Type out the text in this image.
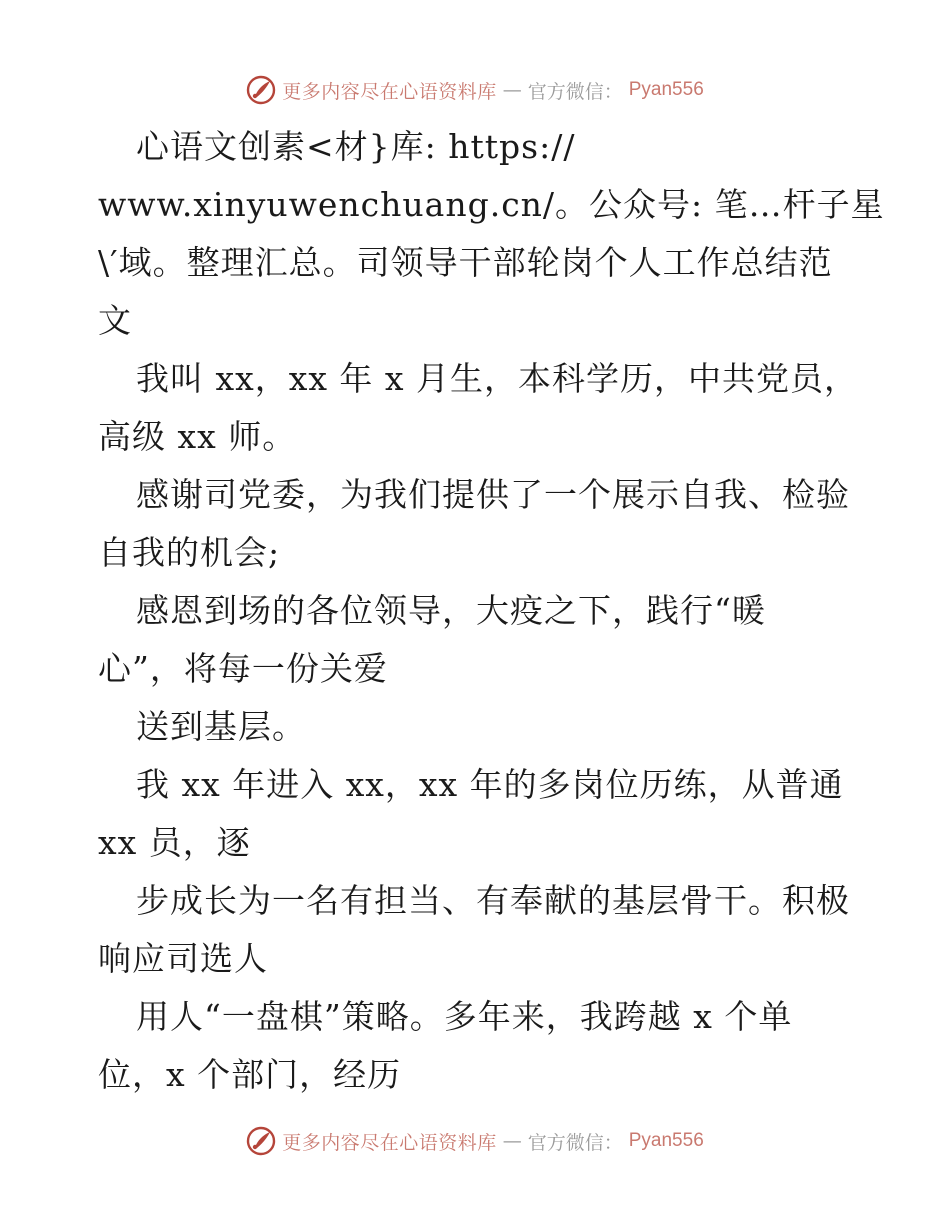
更多内容尽在心语资料库 — 官方微信： Pyan556
心语文创素<材}库: https://
www.xinyuwenchuang.cn/。公众号: 笔…杆子星
\′域。整理汇总。司领导干部轮岗个人工作总结范
文
我叫 xx，xx 年 x 月生，本科学历，中共党员，
高级 xx 师。
感谢司党委，为我们提供了一个展示自我、检验
自我的机会;
感恩到场的各位领导，大疫之下，践行“暖
心”，将每一份关爱
送到基层。
我 xx 年进入 xx，xx 年的多岗位历练，从普通
xx 员，逐
步成长为一名有担当、有奉献的基层骨干。积极
响应司选人
用人“一盘棋”策略。多年来，我跨越 x 个单
位，x 个部门，经历
更多内容尽在心语资料库 — 官方微信： Pyan556
